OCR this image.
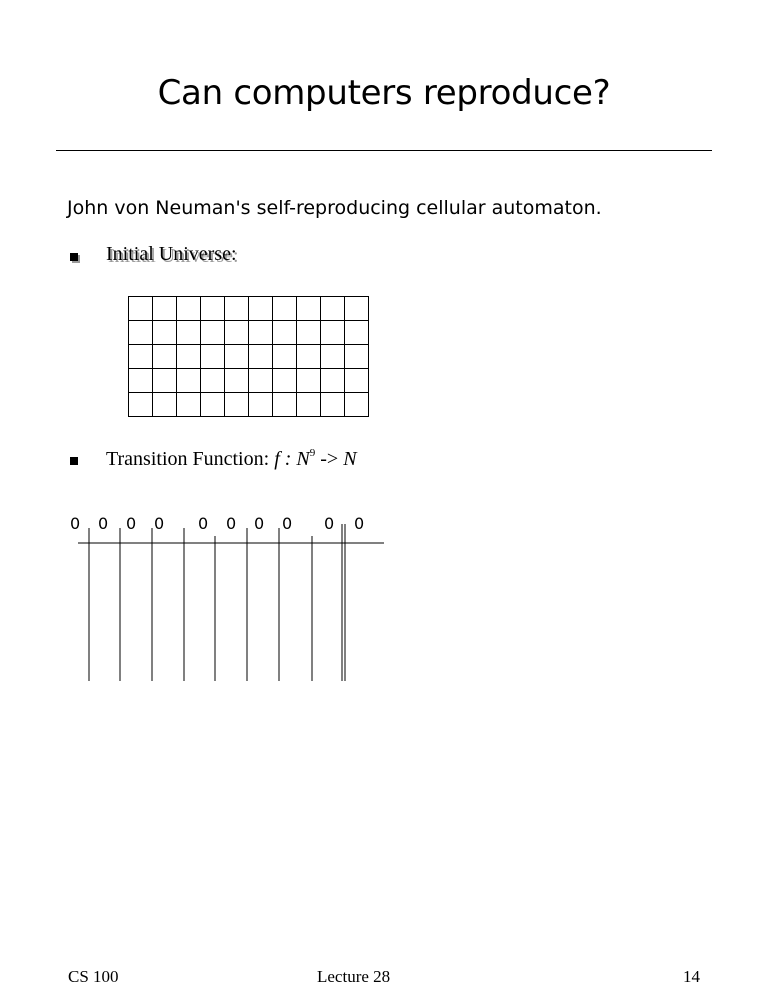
Can computers reproduce?
John von Neuman's self-reproducing cellular automaton.
Initial Universe:

Transition Function: f : $N^9 -> N$
0 0 0 0 0 0 0 0 0 0
CS 100	Lecture 28	14
